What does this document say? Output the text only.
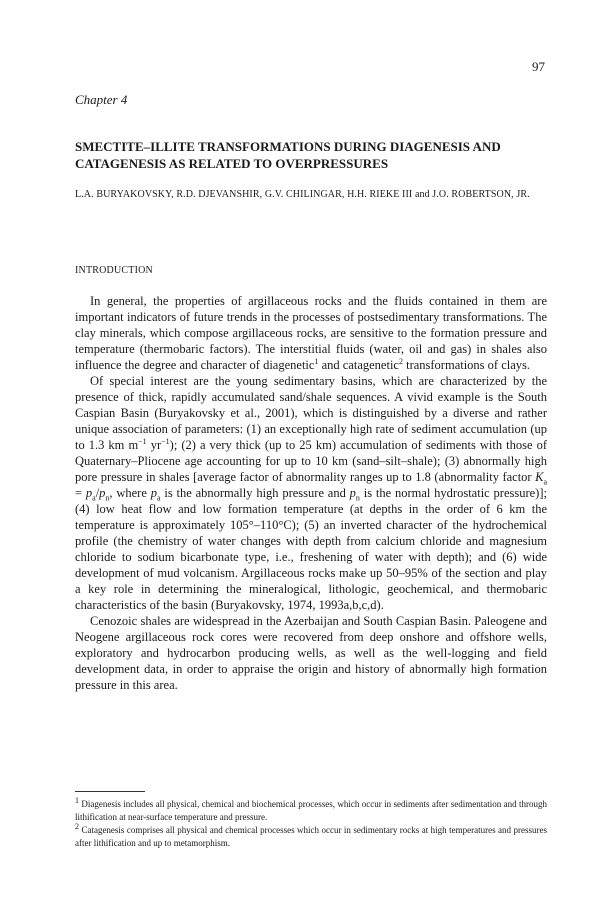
97
Chapter 4
SMECTITE–ILLITE TRANSFORMATIONS DURING DIAGENESIS AND CATAGENESIS AS RELATED TO OVERPRESSURES
L.A. BURYAKOVSKY, R.D. DJEVANSHIR, G.V. CHILINGAR, H.H. RIEKE III and J.O. ROBERTSON, JR.
INTRODUCTION

In general, the properties of argillaceous rocks and the fluids contained in them are important indicators of future trends in the processes of postsedimentary transformations. The clay minerals, which compose argillaceous rocks, are sensitive to the formation pressure and temperature (thermobaric factors). The interstitial fluids (water, oil and gas) in shales also influence the degree and character of diagenetic$^1$ and catagenetic$^2$ transformations of clays.

Of special interest are the young sedimentary basins, which are characterized by the presence of thick, rapidly accumulated sand/shale sequences. A vivid example is the South Caspian Basin (Buryakovsky et al., 2001), which is distinguished by a diverse and rather unique association of parameters: (1) an exceptionally high rate of sediment accumulation (up to 1.3 km $m^{-1}$ $yr^{-1}$); (2) a very thick (up to 25 km) accumulation of sediments with those of Quaternary–Pliocene age accounting for up to 10 km (sand–silt–shale); (3) abnormally high pore pressure in shales [average factor of abnormality ranges up to 1.8 (abnormality factor $K_a = p_a/p_n$, where $p_a$ is the abnormally high pressure and $p_n$ is the normal hydrostatic pressure)]; (4) low heat flow and low formation temperature (at depths in the order of 6 km the temperature is approximately 105°–110°C); (5) an inverted character of the hydrochemical profile (the chemistry of water changes with depth from calcium chloride and magnesium chloride to sodium bicarbonate type, i.e., freshening of water with depth); and (6) wide development of mud volcanism. Argillaceous rocks make up 50–95% of the section and play a key role in determining the mineralogical, lithologic, geochemical, and thermobaric characteristics of the basin (Buryakovsky, 1974, 1993a,b,c,d).

Cenozoic shales are widespread in the Azerbaijan and South Caspian Basin. Paleogene and Neogene argillaceous rock cores were recovered from deep onshore and offshore wells, exploratory and hydrocarbon producing wells, as well as the well-logging and field development data, in order to appraise the origin and history of abnormally high formation pressure in this area.

$^1$ Diagenesis includes all physical, chemical and biochemical processes, which occur in sediments after sedimentation and through lithification at near-surface temperature and pressure.

$^2$ Catagenesis comprises all physical and chemical processes which occur in sedimentary rocks at high temperatures and pressures after lithification and up to metamorphism.
